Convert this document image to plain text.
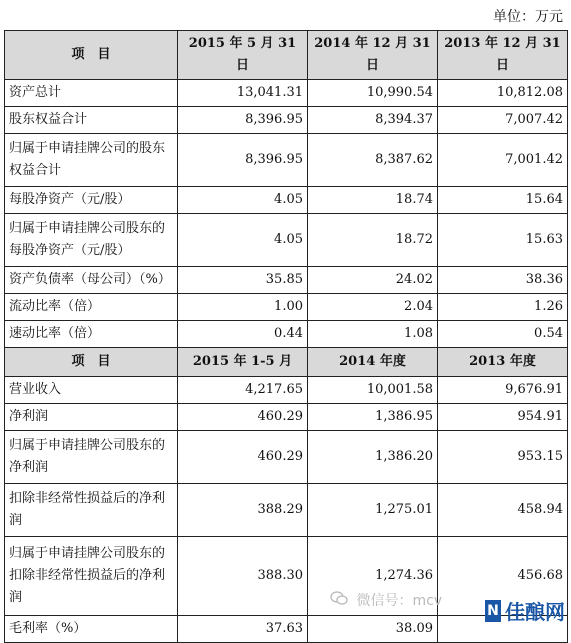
单位：万元
项　目	2015 年 5 月 31 日	2014 年 12 月 31 日	2013 年 12 月 31 日
资产总计	13,041.31	10,990.54	10,812.08
股东权益合计	8,396.95	8,394.37	7,007.42
归属于申请挂牌公司的股东权益合计	8,396.95	8,387.62	7,001.42
每股净资产（元/股）	4.05	18.74	15.64
归属于申请挂牌公司股东的每股净资产（元/股）	4.05	18.72	15.63
资产负债率（母公司）（%）	35.85	24.02	38.36
流动比率（倍）	1.00	2.04	1.26
速动比率（倍）	0.44	1.08	0.54
项　目	2015 年 1-5 月	2014 年度	2013 年度
营业收入	4,217.65	10,001.58	9,676.91
净利润	460.29	1,386.95	954.91
归属于申请挂牌公司股东的净利润	460.29	1,386.20	953.15
扣除非经常性损益后的净利润	388.29	1,275.01	458.94
归属于申请挂牌公司股东的扣除非经常性损益后的净利润	388.30	1,274.36	456.68
毛利率（%）	37.63	38.09	
微信号：mcv
N 佳酿网
